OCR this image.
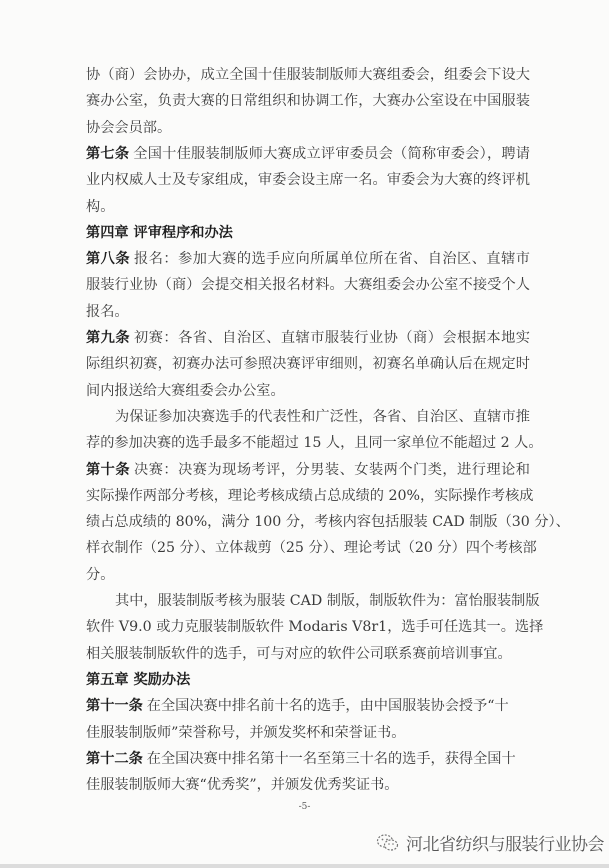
-5-
河北省纺织与服装行业协会
协（商）会协办，成立全国十佳服装制版师大赛组委会，组委会下设大
赛办公室，负责大赛的日常组织和协调工作，大赛办公室设在中国服装
协会会员部。
第七条 全国十佳服装制版师大赛成立评审委员会（简称审委会），聘请
业内权威人士及专家组成，审委会设主席一名。审委会为大赛的终评机
构。
第四章 评审程序和办法
第八条 报名：参加大赛的选手应向所属单位所在省、自治区、直辖市
服装行业协（商）会提交相关报名材料。大赛组委会办公室不接受个人
报名。
第九条 初赛：各省、自治区、直辖市服装行业协（商）会根据本地实
际组织初赛，初赛办法可参照决赛评审细则，初赛名单确认后在规定时
间内报送给大赛组委会办公室。
为保证参加决赛选手的代表性和广泛性，各省、自治区、直辖市推
荐的参加决赛的选手最多不能超过 15 人，且同一家单位不能超过 2 人。
第十条 决赛：决赛为现场考评，分男装、女装两个门类，进行理论和
实际操作两部分考核，理论考核成绩占总成绩的 20%，实际操作考核成
绩占总成绩的 80%，满分 100 分，考核内容包括服装 CAD 制版（30 分）、
样衣制作（25 分）、立体裁剪（25 分）、理论考试（20 分）四个考核部
分。
其中，服装制版考核为服装 CAD 制版，制版软件为：富怡服装制版
软件 V9.0 或力克服装制版软件 Modaris V8r1，选手可任选其一。选择
相关服装制版软件的选手，可与对应的软件公司联系赛前培训事宜。
第五章 奖励办法
第十一条 在全国决赛中排名前十名的选手，由中国服装协会授予“十
佳服装制版师”荣誉称号，并颁发奖杯和荣誉证书。
第十二条 在全国决赛中排名第十一名至第三十名的选手，获得全国十
佳服装制版师大赛“优秀奖”，并颁发优秀奖证书。
